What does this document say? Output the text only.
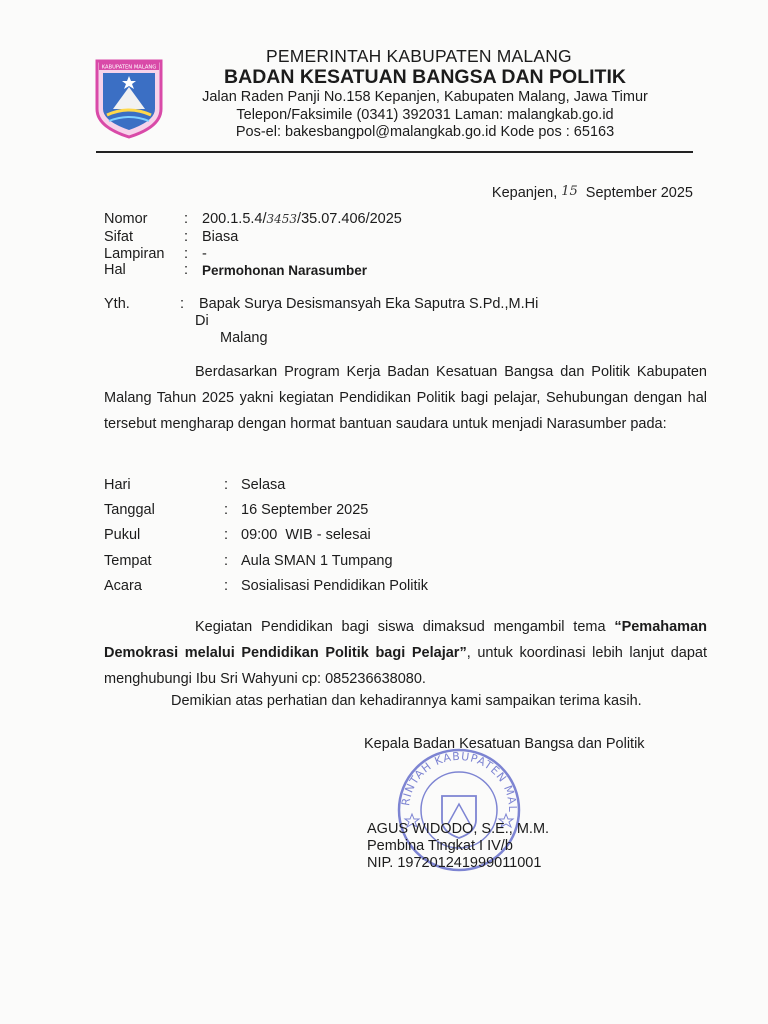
KABUPATEN MALANG
PEMERINTAH KABUPATEN MALANG
BADAN KESATUAN BANGSA DAN POLITIK
Jalan Raden Panji No.158 Kepanjen, Kabupaten Malang, Jawa Timur
Telepon/Faksimile (0341) 392031 Laman: malangkab.go.id
Pos-el: bakesbangpol@malangkab.go.id Kode pos : 65163
Kepanjen, 15 September 2025
Nomor	: 200.1.5.4/3453/35.07.406/2025
Sifat	: Biasa
Lampiran : -
Hal	: Permohonan Narasumber
Yth.	: Bapak Surya Desismansyah Eka Saputra S.Pd.,M.Hi
Di
Malang
Berdasarkan Program Kerja Badan Kesatuan Bangsa dan Politik Kabupaten Malang Tahun 2025 yakni kegiatan Pendidikan Politik bagi pelajar, Sehubungan dengan hal tersebut mengharap dengan hormat bantuan saudara untuk menjadi Narasumber pada:
Hari	: Selasa
Tanggal	: 16 September 2025
Pukul	: 09:00  WIB - selesai
Tempat	: Aula SMAN 1 Tumpang
Acara	: Sosialisasi Pendidikan Politik
Kegiatan Pendidikan bagi siswa dimaksud mengambil tema “Pemahaman Demokrasi melalui Pendidikan Politik bagi Pelajar”, untuk koordinasi lebih lanjut dapat menghubungi Ibu Sri Wahyuni cp: 085236638080.
Demikian atas perhatian dan kehadirannya kami sampaikan terima kasih.
Kepala Badan Kesatuan Bangsa dan Politik
RINTAH KABUPATEN MAL
AGUS WIDODO, S.E., M.M.
Pembina Tingkat I IV/b
NIP. 197201241999011001
